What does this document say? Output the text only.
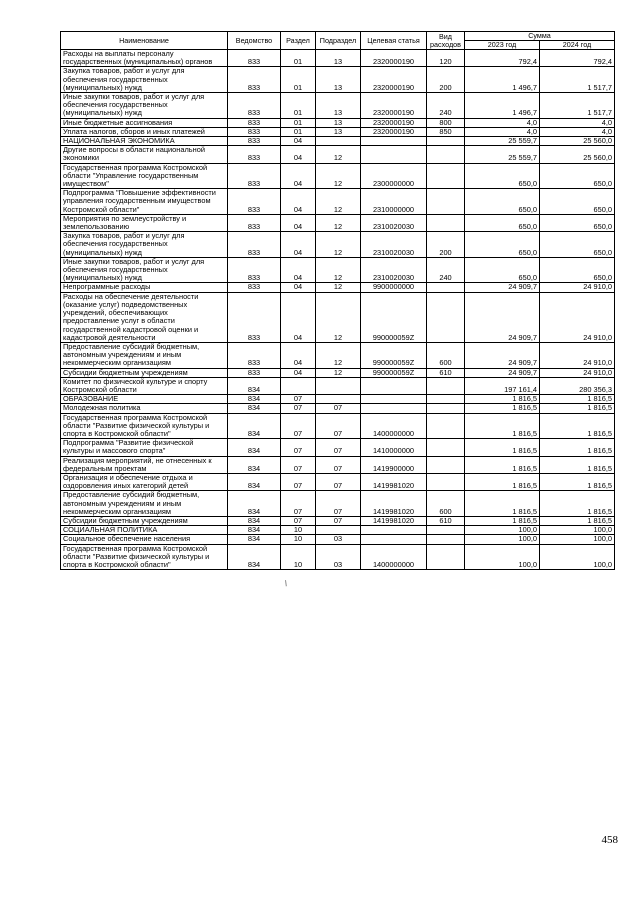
Наименование	Ведомство	Раздел	Подраздел	Целевая статья	Вид расходов	Сумма	
						2023 год	2024 год
Расходы на выплаты персоналу государственных (муниципальных) органов	833	01	13	2320000190	120	792,4	792,4
Закупка товаров, работ и услуг для обеспечения государственных (муниципальных) нужд	833	01	13	2320000190	200	1 496,7	1 517,7
Иные закупки товаров, работ и услуг для обеспечения государственных (муниципальных) нужд	833	01	13	2320000190	240	1 496,7	1 517,7
Иные бюджетные ассигнования	833	01	13	2320000190	800	4,0	4,0
Уплата налогов, сборов и иных платежей	833	01	13	2320000190	850	4,0	4,0
НАЦИОНАЛЬНАЯ ЭКОНОМИКА	833	04				25 559,7	25 560,0
Другие вопросы в области национальной экономики	833	04	12			25 559,7	25 560,0
Государственная программа Костромской области "Управление государственным имуществом"	833	04	12	2300000000		650,0	650,0
Подпрограмма "Повышение эффективности управления государственным имуществом Костромской области"	833	04	12	2310000000		650,0	650,0
Мероприятия по землеустройству и землепользованию	833	04	12	2310020030		650,0	650,0
Закупка товаров, работ и услуг для обеспечения государственных (муниципальных) нужд	833	04	12	2310020030	200	650,0	650,0
Иные закупки товаров, работ и услуг для обеспечения государственных (муниципальных) нужд	833	04	12	2310020030	240	650,0	650,0
Непрограммные расходы	833	04	12	9900000000		24 909,7	24 910,0
Расходы на обеспечение деятельности (оказание услуг) подведомственных учреждений, обеспечивающих предоставление услуг в области государственной кадастровой оценки и кадастровой деятельности	833	04	12	990000059Z		24 909,7	24 910,0
Предоставление субсидий бюджетным, автономным учреждениям и иным некоммерческим организациям	833	04	12	990000059Z	600	24 909,7	24 910,0
Субсидии бюджетным учреждениям	833	04	12	990000059Z	610	24 909,7	24 910,0
Комитет по физической культуре и спорту Костромской области	834					197 161,4	280 356,3
ОБРАЗОВАНИЕ	834	07				1 816,5	1 816,5
Молодежная политика	834	07	07			1 816,5	1 816,5
Государственная программа Костромской области "Развитие физической культуры и спорта в Костромской области"	834	07	07	1400000000		1 816,5	1 816,5
Подпрограмма "Развитие физической культуры и массового спорта"	834	07	07	1410000000		1 816,5	1 816,5
Реализация мероприятий, не отнесенных к федеральным проектам	834	07	07	1419900000		1 816,5	1 816,5
Организация и обеспечение отдыха и оздоровления иных категорий детей	834	07	07	1419981020		1 816,5	1 816,5
Предоставление субсидий бюджетным, автономным учреждениям и иным некоммерческим организациям	834	07	07	1419981020	600	1 816,5	1 816,5
Субсидии бюджетным учреждениям	834	07	07	1419981020	610	1 816,5	1 816,5
СОЦИАЛЬНАЯ ПОЛИТИКА	834	10				100,0	100,0
Социальное обеспечение населения	834	10	03			100,0	100,0
Государственная программа Костромской области "Развитие физической культуры и спорта в Костромской области"	834	10	03	1400000000		100,0	100,0
/
458
